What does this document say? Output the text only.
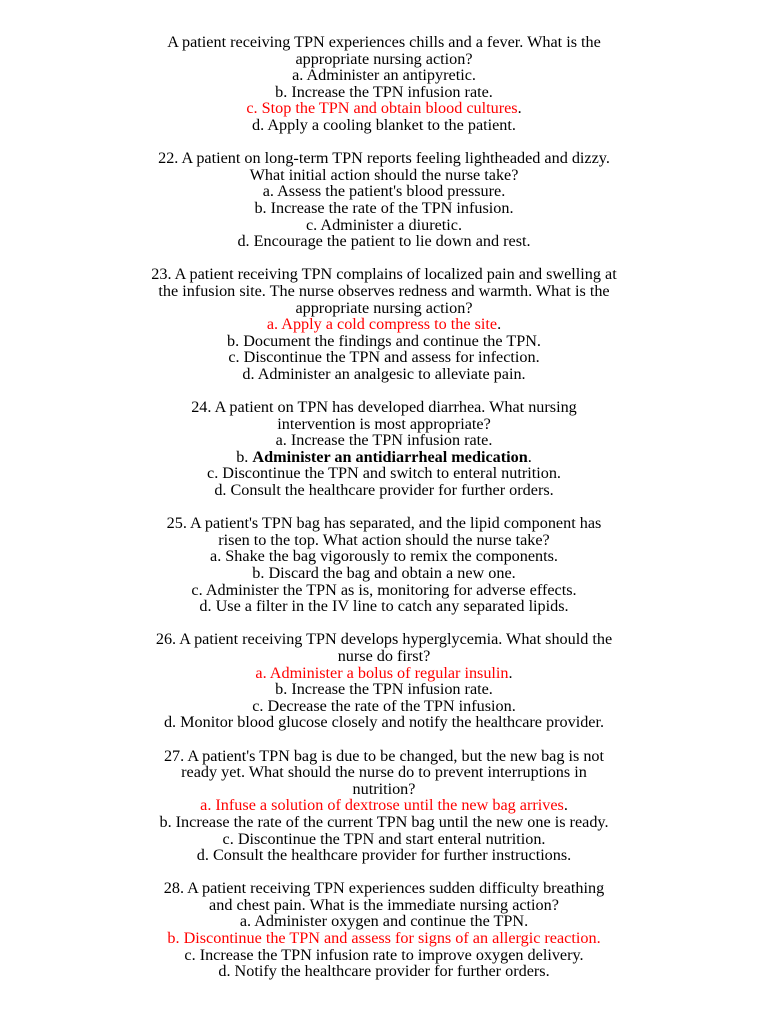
A patient receiving TPN experiences chills and a fever. What is the
appropriate nursing action?
a. Administer an antipyretic.
b. Increase the TPN infusion rate.
c. Stop the TPN and obtain blood cultures.
d. Apply a cooling blanket to the patient.
22. A patient on long-term TPN reports feeling lightheaded and dizzy.
What initial action should the nurse take?
a. Assess the patient's blood pressure.
b. Increase the rate of the TPN infusion.
c. Administer a diuretic.
d. Encourage the patient to lie down and rest.
23. A patient receiving TPN complains of localized pain and swelling at
the infusion site. The nurse observes redness and warmth. What is the
appropriate nursing action?
a. Apply a cold compress to the site.
b. Document the findings and continue the TPN.
c. Discontinue the TPN and assess for infection.
d. Administer an analgesic to alleviate pain.
24. A patient on TPN has developed diarrhea. What nursing
intervention is most appropriate?
a. Increase the TPN infusion rate.
b. Administer an antidiarrheal medication.
c. Discontinue the TPN and switch to enteral nutrition.
d. Consult the healthcare provider for further orders.
25. A patient's TPN bag has separated, and the lipid component has
risen to the top. What action should the nurse take?
a. Shake the bag vigorously to remix the components.
b. Discard the bag and obtain a new one.
c. Administer the TPN as is, monitoring for adverse effects.
d. Use a filter in the IV line to catch any separated lipids.
26. A patient receiving TPN develops hyperglycemia. What should the
nurse do first?
a. Administer a bolus of regular insulin.
b. Increase the TPN infusion rate.
c. Decrease the rate of the TPN infusion.
d. Monitor blood glucose closely and notify the healthcare provider.
27. A patient's TPN bag is due to be changed, but the new bag is not
ready yet. What should the nurse do to prevent interruptions in
nutrition?
a. Infuse a solution of dextrose until the new bag arrives.
b. Increase the rate of the current TPN bag until the new one is ready.
c. Discontinue the TPN and start enteral nutrition.
d. Consult the healthcare provider for further instructions.
28. A patient receiving TPN experiences sudden difficulty breathing
and chest pain. What is the immediate nursing action?
a. Administer oxygen and continue the TPN.
b. Discontinue the TPN and assess for signs of an allergic reaction.
c. Increase the TPN infusion rate to improve oxygen delivery.
d. Notify the healthcare provider for further orders.
